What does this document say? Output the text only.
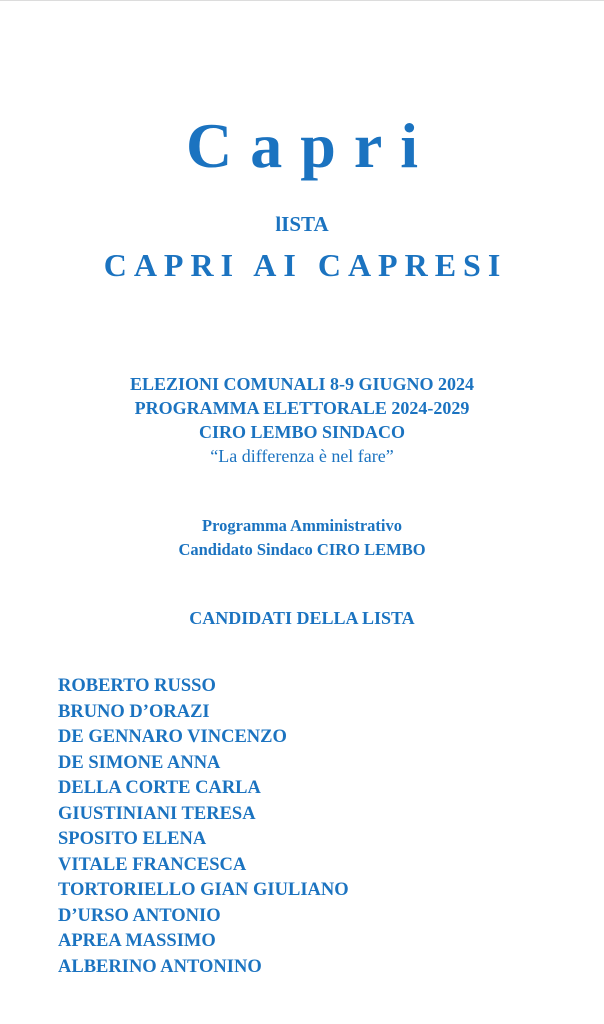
Capri
lISTA
CAPRI AI CAPRESI
ELEZIONI COMUNALI 8-9 GIUGNO 2024
PROGRAMMA ELETTORALE 2024-2029
CIRO LEMBO SINDACO
“La differenza è nel fare”
Programma Amministrativo
Candidato Sindaco CIRO LEMBO
CANDIDATI DELLA LISTA
ROBERTO RUSSO
BRUNO D’ORAZI
DE GENNARO VINCENZO
DE SIMONE ANNA
DELLA CORTE CARLA
GIUSTINIANI TERESA
SPOSITO ELENA
VITALE FRANCESCA
TORTORIELLO GIAN GIULIANO
D’URSO ANTONIO
APREA MASSIMO
ALBERINO ANTONINO
